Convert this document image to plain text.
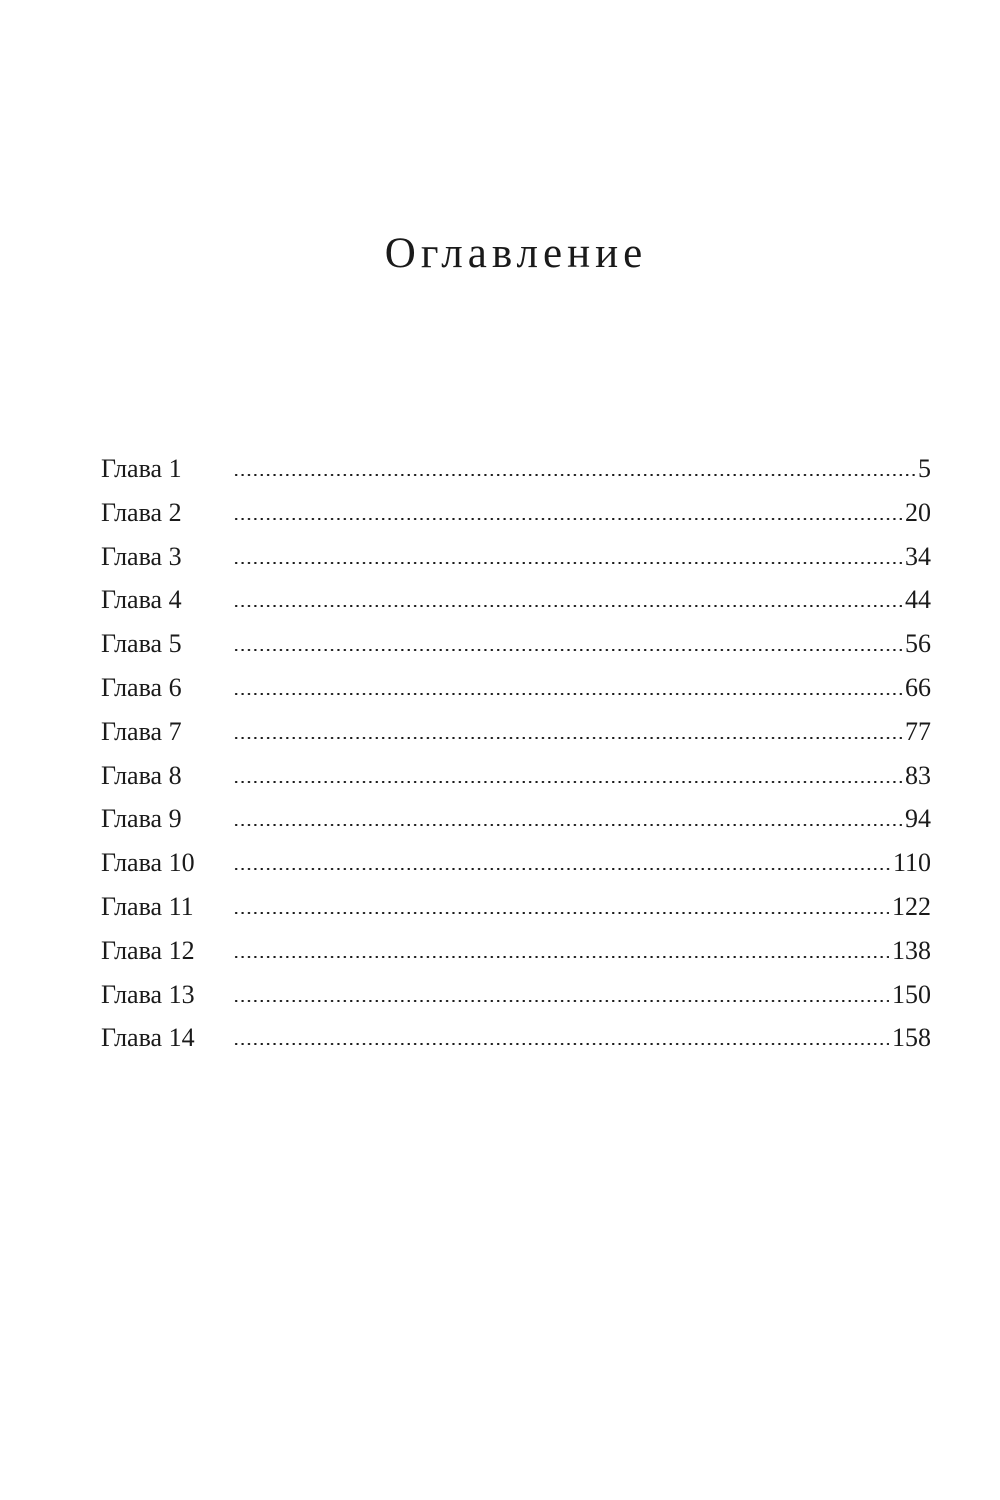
Оглавление
Глава 1	5
Глава 2	20
Глава 3	34
Глава 4	44
Глава 5	56
Глава 6	66
Глава 7	77
Глава 8	83
Глава 9	94
Глава 10	110
Глава 11	122
Глава 12	138
Глава 13	150
Глава 14	158
